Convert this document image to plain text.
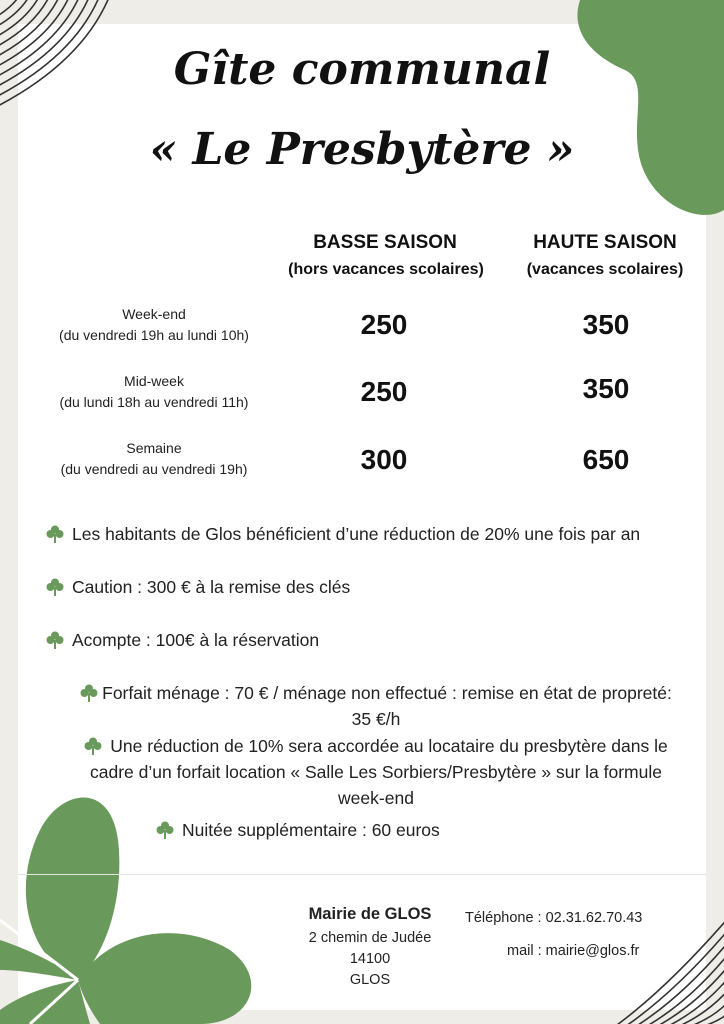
Gîte communal
« Le Presbytère »
BASSE SAISON
(hors vacances scolaires)
HAUTE SAISON
(vacances scolaires)
Week-end
(du vendredi 19h au lundi 10h)	250	350
Mid-week
(du lundi 18h au vendredi 11h)	250	350
Semaine
(du vendredi au vendredi 19h)	300	650
Les habitants de Glos bénéficient d’une réduction de 20% une fois par an
Caution : 300 € à la remise des clés
Acompte : 100€ à la réservation
Forfait ménage : 70 € / ménage non effectué : remise en état de propreté:
35 €/h
Une réduction de 10% sera accordée au locataire du presbytère dans le
cadre d’un forfait location « Salle Les Sorbiers/Presbytère » sur la formule
week-end
Nuitée supplémentaire : 60 euros
Mairie de GLOS
2 chemin de Judée
14100
GLOS
Téléphone : 02.31.62.70.43
mail : mairie@glos.fr
